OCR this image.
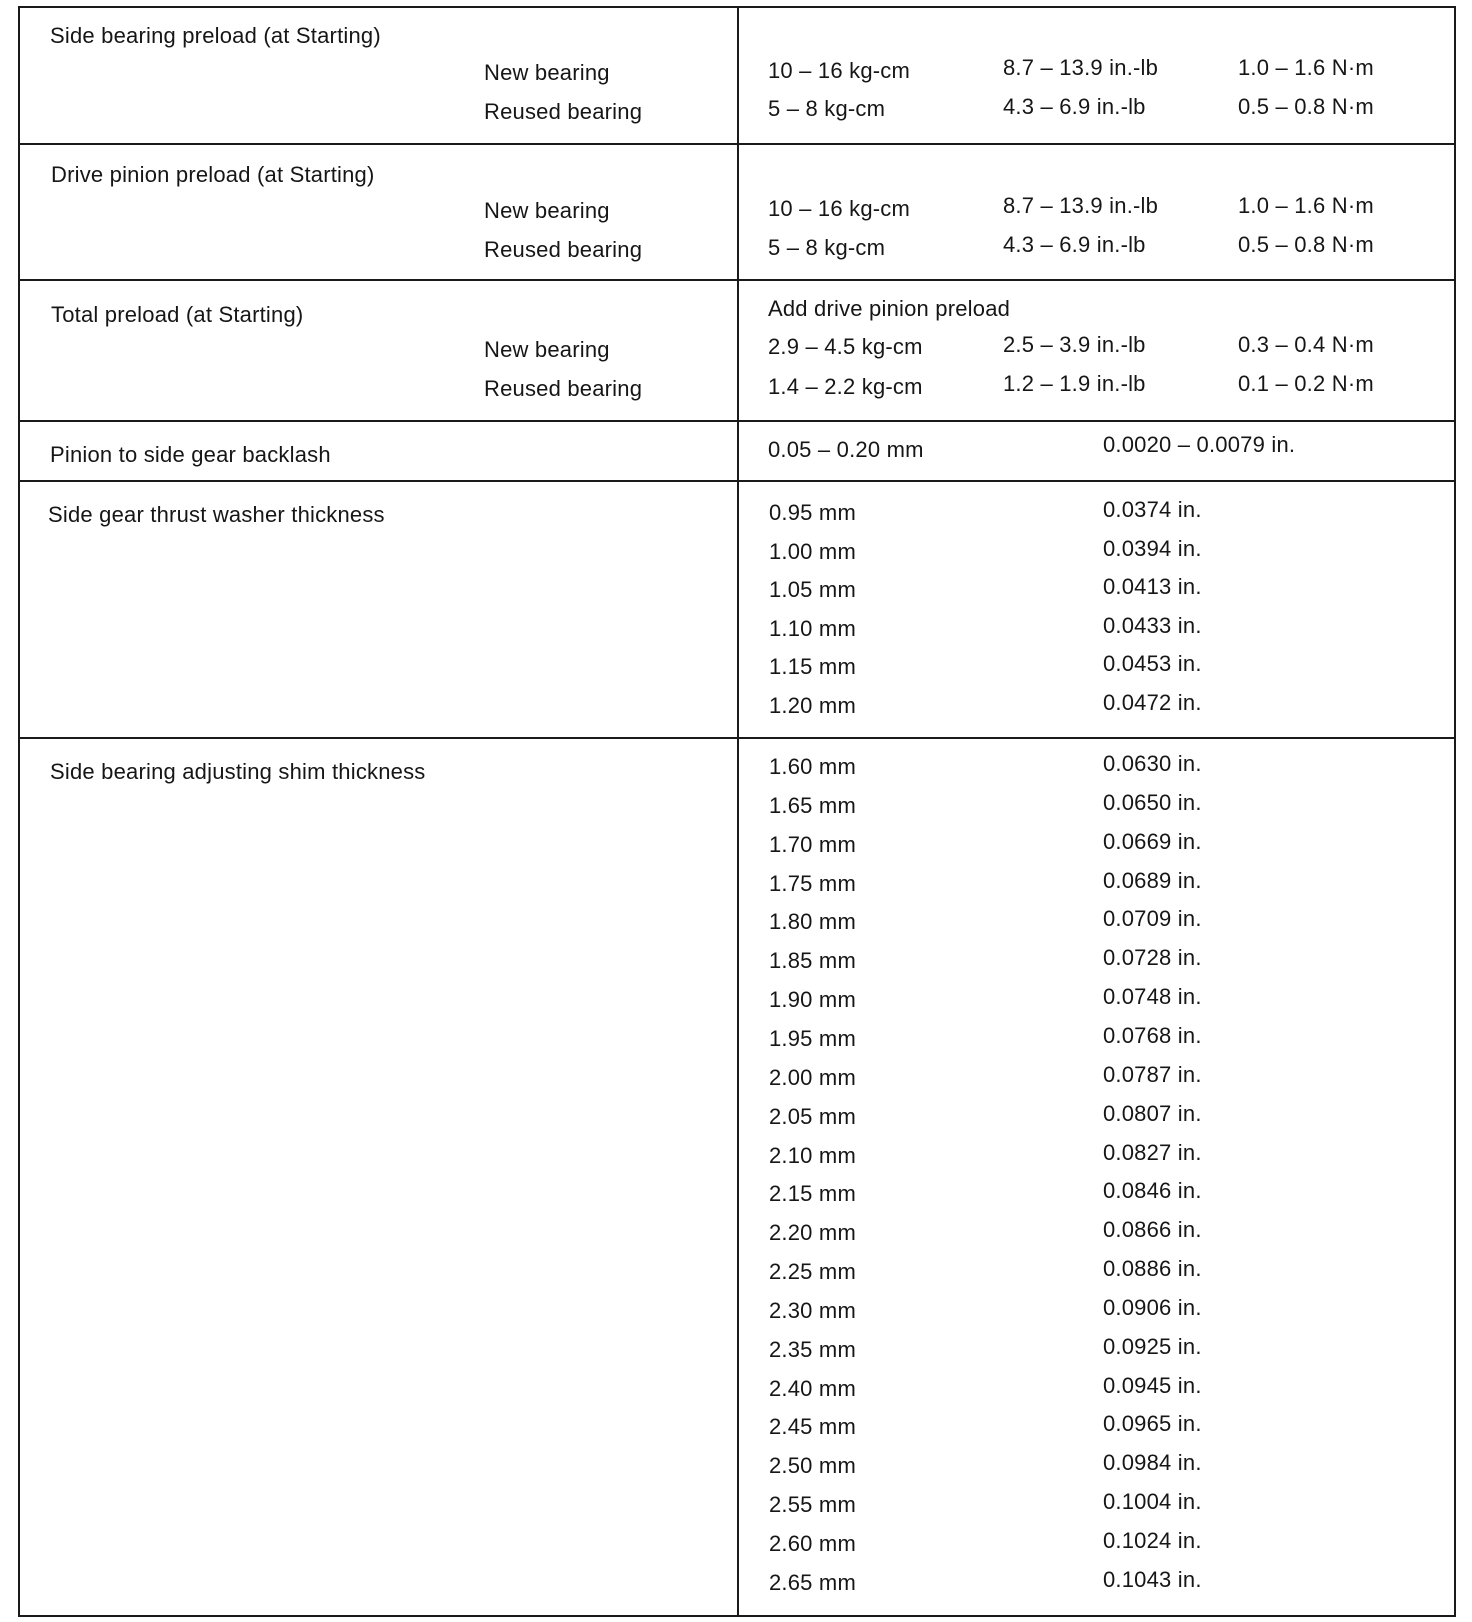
Side bearing preload (at Starting)
New bearing	10 – 16 kg-cm	8.7 – 13.9 in.-lb	1.0 – 1.6 N·m
Reused bearing	5 – 8 kg-cm	4.3 – 6.9 in.-lb	0.5 – 0.8 N·m
Drive pinion preload (at Starting)
New bearing	10 – 16 kg-cm	8.7 – 13.9 in.-lb	1.0 – 1.6 N·m
Reused bearing	5 – 8 kg-cm	4.3 – 6.9 in.-lb	0.5 – 0.8 N·m
Total preload (at Starting)	Add drive pinion preload
New bearing	2.9 – 4.5 kg-cm	2.5 – 3.9 in.-lb	0.3 – 0.4 N·m
Reused bearing	1.4 – 2.2 kg-cm	1.2 – 1.9 in.-lb	0.1 – 0.2 N·m
Pinion to side gear backlash	0.05 – 0.20 mm	0.0020 – 0.0079 in.
Side gear thrust washer thickness	0.95 mm	0.0374 in.
1.00 mm	0.0394 in.
1.05 mm	0.0413 in.
1.10 mm	0.0433 in.
1.15 mm	0.0453 in.
1.20 mm	0.0472 in.
Side bearing adjusting shim thickness	1.60 mm	0.0630 in.
1.65 mm	0.0650 in.
1.70 mm	0.0669 in.
1.75 mm	0.0689 in.
1.80 mm	0.0709 in.
1.85 mm	0.0728 in.
1.90 mm	0.0748 in.
1.95 mm	0.0768 in.
2.00 mm	0.0787 in.
2.05 mm	0.0807 in.
2.10 mm	0.0827 in.
2.15 mm	0.0846 in.
2.20 mm	0.0866 in.
2.25 mm	0.0886 in.
2.30 mm	0.0906 in.
2.35 mm	0.0925 in.
2.40 mm	0.0945 in.
2.45 mm	0.0965 in.
2.50 mm	0.0984 in.
2.55 mm	0.1004 in.
2.60 mm	0.1024 in.
2.65 mm	0.1043 in.
